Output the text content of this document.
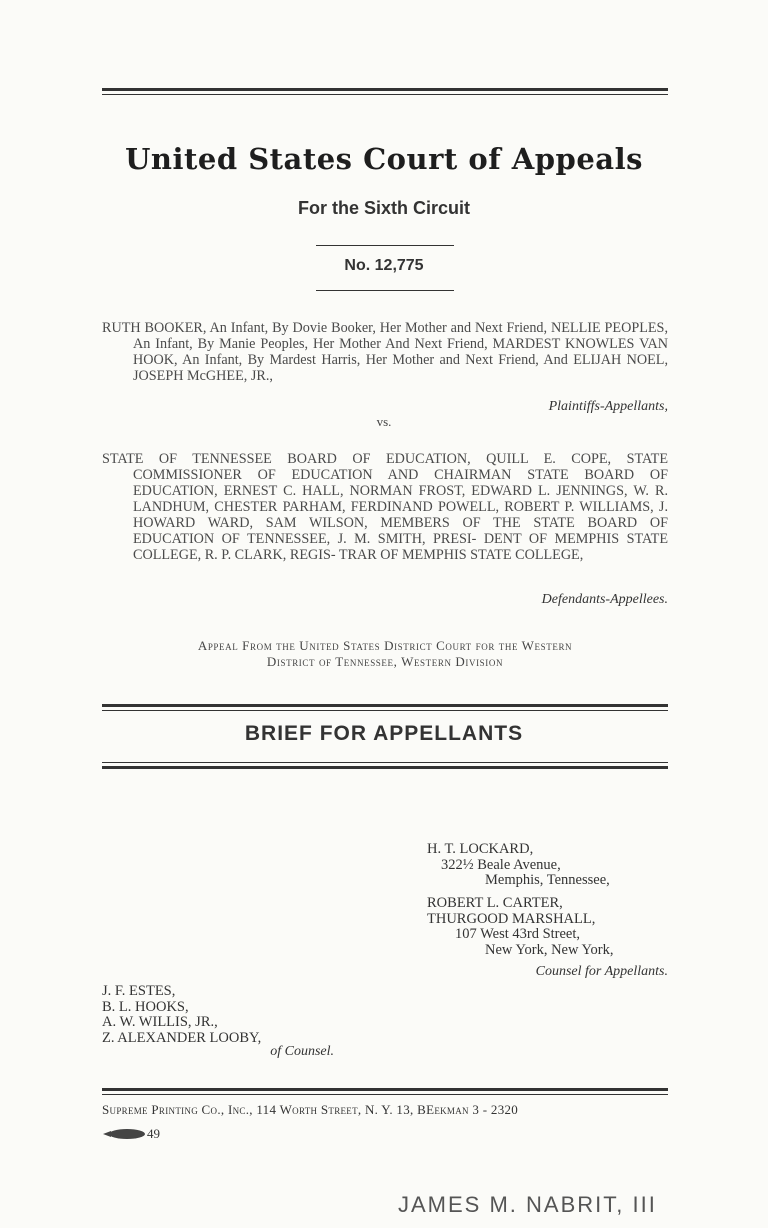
United States Court of Appeals
For the Sixth Circuit
No. 12,775
RUTH BOOKER, An Infant, By Dovie Booker, Her Mother and Next Friend, NELLIE PEOPLES, An Infant, By Manie Peoples, Her Mother And Next Friend, MARDEST KNOWLES VAN HOOK, An Infant, By Mardest Harris, Her Mother and Next Friend, And ELIJAH NOEL, JOSEPH McGHEE, JR.,
Plaintiffs-Appellants,
vs.
STATE OF TENNESSEE BOARD OF EDUCATION, QUILL E. COPE, STATE COMMISSIONER OF EDUCATION AND CHAIRMAN STATE BOARD OF EDUCATION, ERNEST C. HALL, NORMAN FROST, EDWARD L. JENNINGS, W. R. LANDHUM, CHESTER PARHAM, FERDINAND POWELL, ROBERT P. WILLIAMS, J. HOWARD WARD, SAM WILSON, MEMBERS OF THE STATE BOARD OF EDUCATION OF TENNESSEE, J. M. SMITH, PRESI- DENT OF MEMPHIS STATE COLLEGE, R. P. CLARK, REGIS- TRAR OF MEMPHIS STATE COLLEGE,
Defendants-Appellees.
Appeal From the United States District Court for the Western
District of Tennessee, Western Division
BRIEF FOR APPELLANTS
H. T. LOCKARD,
322½ Beale Avenue,
Memphis, Tennessee,
ROBERT L. CARTER,
THURGOOD MARSHALL,
107 West 43rd Street,
New York, New York,
Counsel for Appellants.
J. F. ESTES,
B. L. HOOKS,
A. W. WILLIS, JR.,
Z. ALEXANDER LOOBY,
of Counsel.
Supreme Printing Co., Inc., 114 Worth Street, N. Y. 13, BEekman 3 - 2320
49
JAMES M. NABRIT, III
